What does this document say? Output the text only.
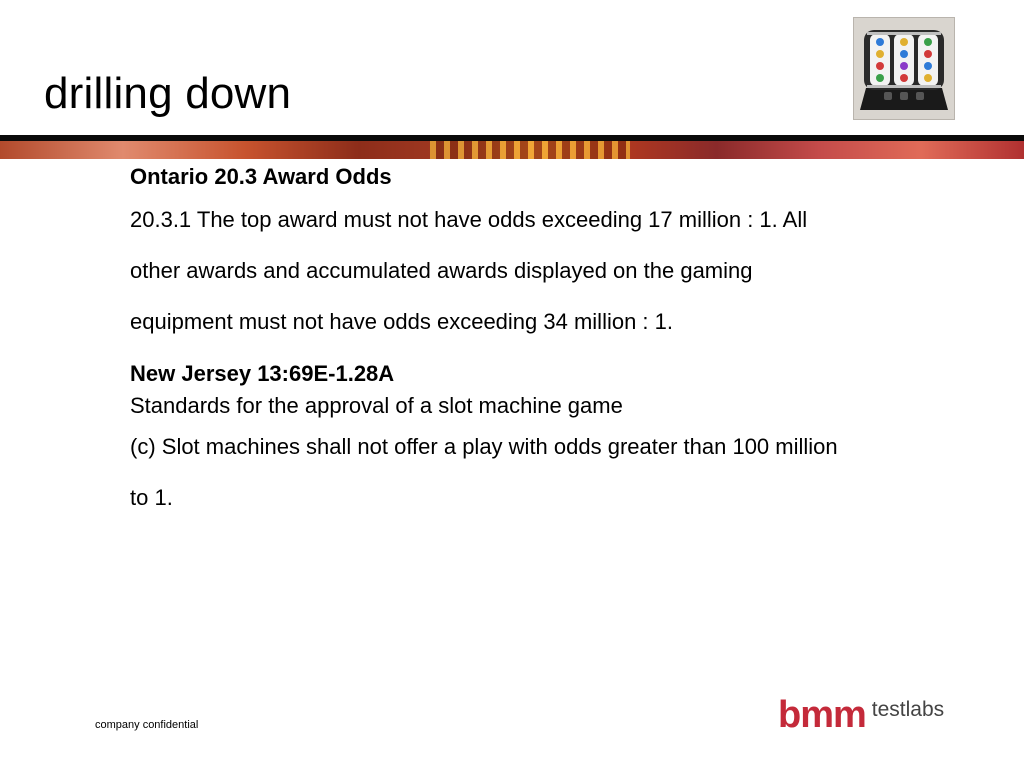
drilling down

Ontario 20.3 Award Odds

20.3.1 The top award must not have odds exceeding 17 million : 1. All

other awards and accumulated awards displayed on the gaming

equipment must not have odds exceeding 34 million : 1.

New Jersey 13:69E-1.28A

Standards for the approval of a slot machine game

(c) Slot machines shall not offer a play with odds greater than 100 million

to 1.

company confidential	bmm testlabs
